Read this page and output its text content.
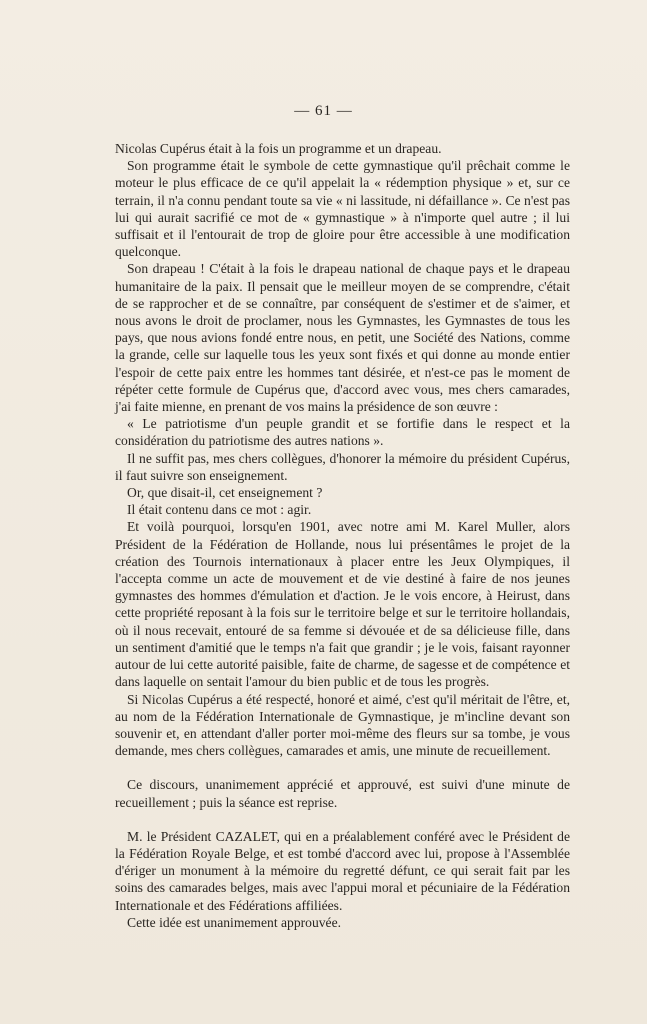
— 61 —

Nicolas Cupérus était à la fois un programme et un drapeau.

Son programme était le symbole de cette gymnastique qu'il prêchait comme le moteur le plus efficace de ce qu'il appelait la « rédemption physique » et, sur ce terrain, il n'a connu pendant toute sa vie « ni lassitude, ni défaillance ». Ce n'est pas lui qui aurait sacrifié ce mot de « gymnastique » à n'importe quel autre ; il lui suffisait et il l'entourait de trop de gloire pour être accessible à une modification quelconque.

Son drapeau ! C'était à la fois le drapeau national de chaque pays et le drapeau humanitaire de la paix. Il pensait que le meilleur moyen de se comprendre, c'était de se rapprocher et de se connaître, par conséquent de s'estimer et de s'aimer, et nous avons le droit de proclamer, nous les Gymnastes, les Gymnastes de tous les pays, que nous avions fondé entre nous, en petit, une Société des Nations, comme la grande, celle sur laquelle tous les yeux sont fixés et qui donne au monde entier l'espoir de cette paix entre les hommes tant désirée, et n'est-ce pas le moment de répéter cette formule de Cupérus que, d'accord avec vous, mes chers camarades, j'ai faite mienne, en prenant de vos mains la présidence de son œuvre :

« Le patriotisme d'un peuple grandit et se fortifie dans le respect et la considération du patriotisme des autres nations ».

Il ne suffit pas, mes chers collègues, d'honorer la mémoire du président Cupérus, il faut suivre son enseignement.

Or, que disait-il, cet enseignement ?

Il était contenu dans ce mot : agir.

Et voilà pourquoi, lorsqu'en 1901, avec notre ami M. Karel Muller, alors Président de la Fédération de Hollande, nous lui présentâmes le projet de la création des Tournois internationaux à placer entre les Jeux Olympiques, il l'accepta comme un acte de mouvement et de vie destiné à faire de nos jeunes gymnastes des hommes d'émulation et d'action. Je le vois encore, à Heirust, dans cette propriété reposant à la fois sur le territoire belge et sur le territoire hollandais, où il nous recevait, entouré de sa femme si dévouée et de sa délicieuse fille, dans un sentiment d'amitié que le temps n'a fait que grandir ; je le vois, faisant rayonner autour de lui cette autorité paisible, faite de charme, de sagesse et de compétence et dans laquelle on sentait l'amour du bien public et de tous les progrès.

Si Nicolas Cupérus a été respecté, honoré et aimé, c'est qu'il méritait de l'être, et, au nom de la Fédération Internationale de Gymnastique, je m'incline devant son souvenir et, en attendant d'aller porter moi-même des fleurs sur sa tombe, je vous demande, mes chers collègues, camarades et amis, une minute de recueillement.

Ce discours, unanimement apprécié et approuvé, est suivi d'une minute de recueillement ; puis la séance est reprise.

M. le Président CAZALET, qui en a préalablement conféré avec le Président de la Fédération Royale Belge, et est tombé d'accord avec lui, propose à l'Assemblée d'ériger un monument à la mémoire du regretté défunt, ce qui serait fait par les soins des camarades belges, mais avec l'appui moral et pécuniaire de la Fédération Internationale et des Fédérations affiliées.

Cette idée est unanimement approuvée.
